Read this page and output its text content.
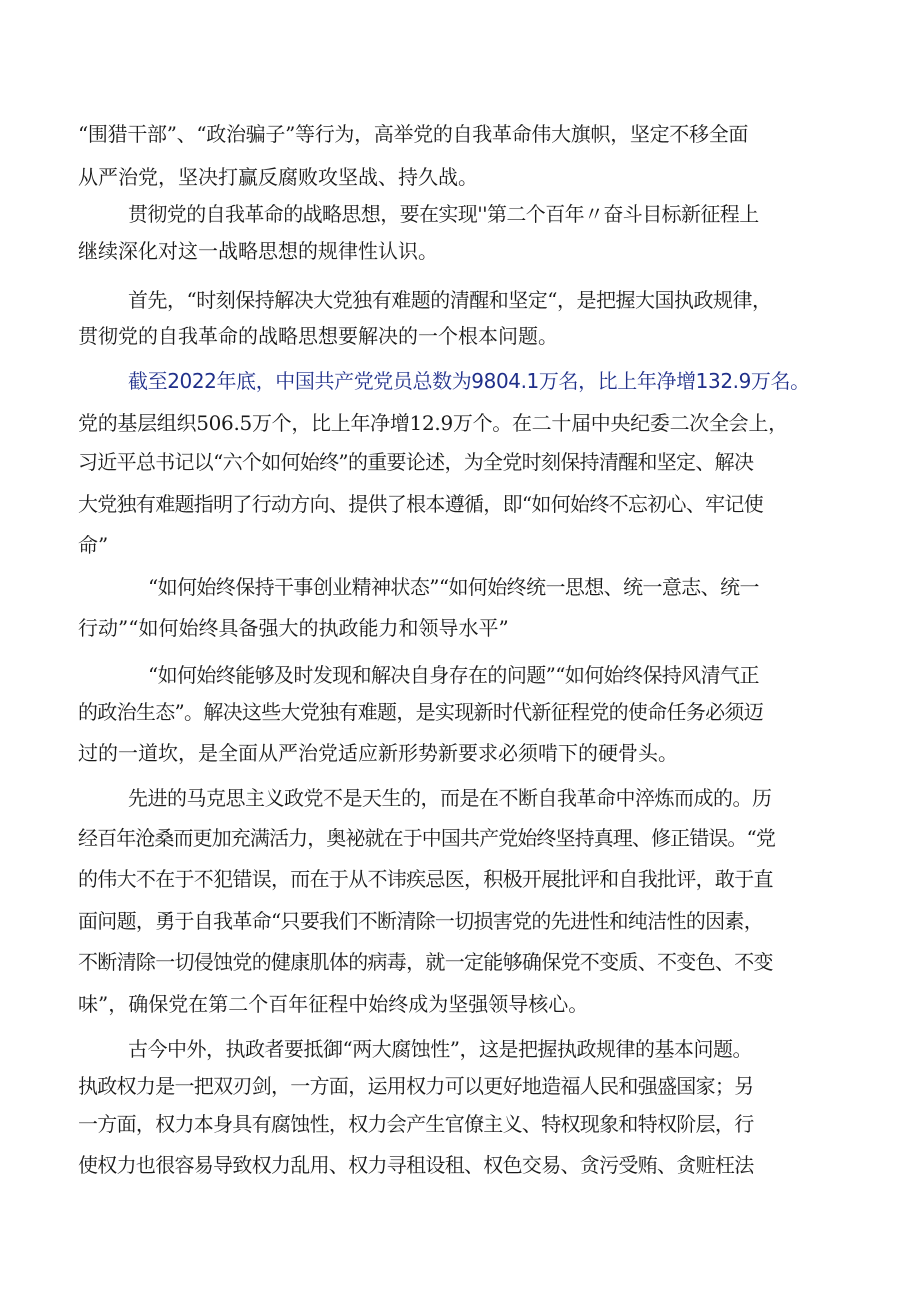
“围猎干部”、“政治骗子”等行为，高举党的自我革命伟大旗帜，坚定不移全面
从严治党，坚决打赢反腐败攻坚战、持久战。
贯彻党的自我革命的战略思想，要在实现''第二个百年〃奋斗目标新征程上
继续深化对这一战略思想的规律性认识。
首先，“时刻保持解决大党独有难题的清醒和坚定“，是把握大国执政规律，
贯彻党的自我革命的战略思想要解决的一个根本问题。
截至2022年底，中国共产党党员总数为9804.1万名，比上年净增132.9万名。
党的基层组织506.5万个，比上年净增12.9万个。在二十届中央纪委二次全会上，
习近平总书记以“六个如何始终”的重要论述，为全党时刻保持清醒和坚定、解决
大党独有难题指明了行动方向、提供了根本遵循，即“如何始终不忘初心、牢记使
命”
“如何始终保持干事创业精神状态”“如何始终统一思想、统一意志、统一
行动”“如何始终具备强大的执政能力和领导水平”
“如何始终能够及时发现和解决自身存在的问题”“如何始终保持风清气正
的政治生态”。解决这些大党独有难题，是实现新时代新征程党的使命任务必须迈
过的一道坎，是全面从严治党适应新形势新要求必须啃下的硬骨头。
先进的马克思主义政党不是天生的，而是在不断自我革命中淬炼而成的。历
经百年沧桑而更加充满活力，奥袐就在于中国共产党始终坚持真理、修正错误。“党
的伟大不在于不犯错误，而在于从不讳疾忌医，积极开展批评和自我批评，敢于直
面问题，勇于自我革命“只要我们不断清除一切损害党的先进性和纯洁性的因素，
不断清除一切侵蚀党的健康肌体的病毒，就一定能够确保党不变质、不变色、不变
味”，确保党在第二个百年征程中始终成为坚强领导核心。
古今中外，执政者要抵御“两大腐蚀性”，这是把握执政规律的基本问题。
执政权力是一把双刃剑，一方面，运用权力可以更好地造福人民和强盛国家；另
一方面，权力本身具有腐蚀性，权力会产生官僚主义、特权现象和特权阶层，行
使权力也很容易导致权力乱用、权力寻租设租、权色交易、贪污受贿、贪赃枉法
